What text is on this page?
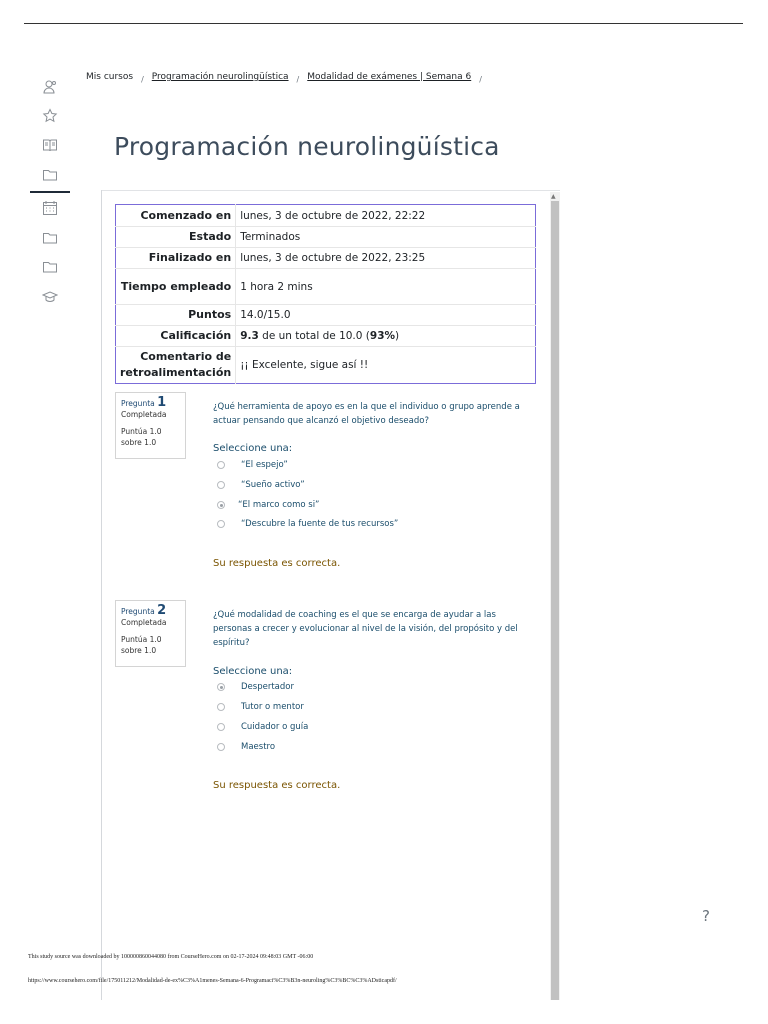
Mis cursos / Programación neurolingüística / Modalidad de exámenes | Semana 6 /
Programación neurolingüística
▲
Comenzado en	lunes, 3 de octubre de 2022, 22:22
Estado	Terminados
Finalizado en	lunes, 3 de octubre de 2022, 23:25
Tiempo empleado	1 hora 2 mins
Puntos	14.0/15.0
Calificación	9.3 de un total de 10.0 (93%)
Comentario de retroalimentación	¡¡ Excelente, sigue así !!
Pregunta 1
Completada
Puntúa 1.0 sobre 1.0
¿Qué herramienta de apoyo es en la que el individuo o grupo aprende a actuar pensando que alcanzó el objetivo deseado?
Seleccione una:
“El espejo”
“Sueño activo”
“El marco como si”
“Descubre la fuente de tus recursos”
Su respuesta es correcta.
Pregunta 2
Completada
Puntúa 1.0 sobre 1.0
¿Qué modalidad de coaching es el que se encarga de ayudar a las personas a crecer y evolucionar al nivel de la visión, del propósito y del espíritu?
Seleccione una:
Despertador
Tutor o mentor
Cuidador o guía
Maestro
Su respuesta es correcta.
?
This study source was downloaded by 100000860044080 from CourseHero.com on 02-17-2024 09:48:03 GMT -06:00
https://www.coursehero.com/file/175011212/Modalidad-de-ex%C3%A1menes-Semana-6-Programaci%C3%B3n-neuroling%C3%BC%C3%ADsticapdf/
